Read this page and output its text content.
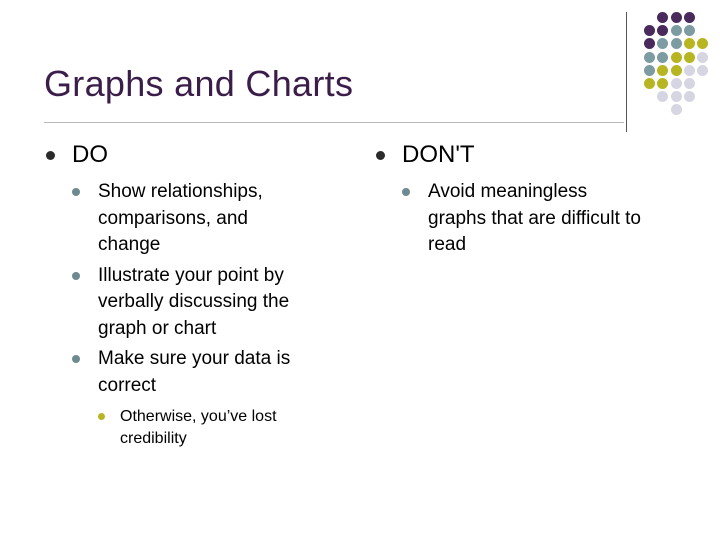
Graphs and Charts
DO
Show relationships,
comparisons, and
change
Illustrate your point by
verbally discussing the
graph or chart
Make sure your data is
correct
Otherwise, you’ve lost
credibility
DON'T
Avoid meaningless
graphs that are difficult to
read
